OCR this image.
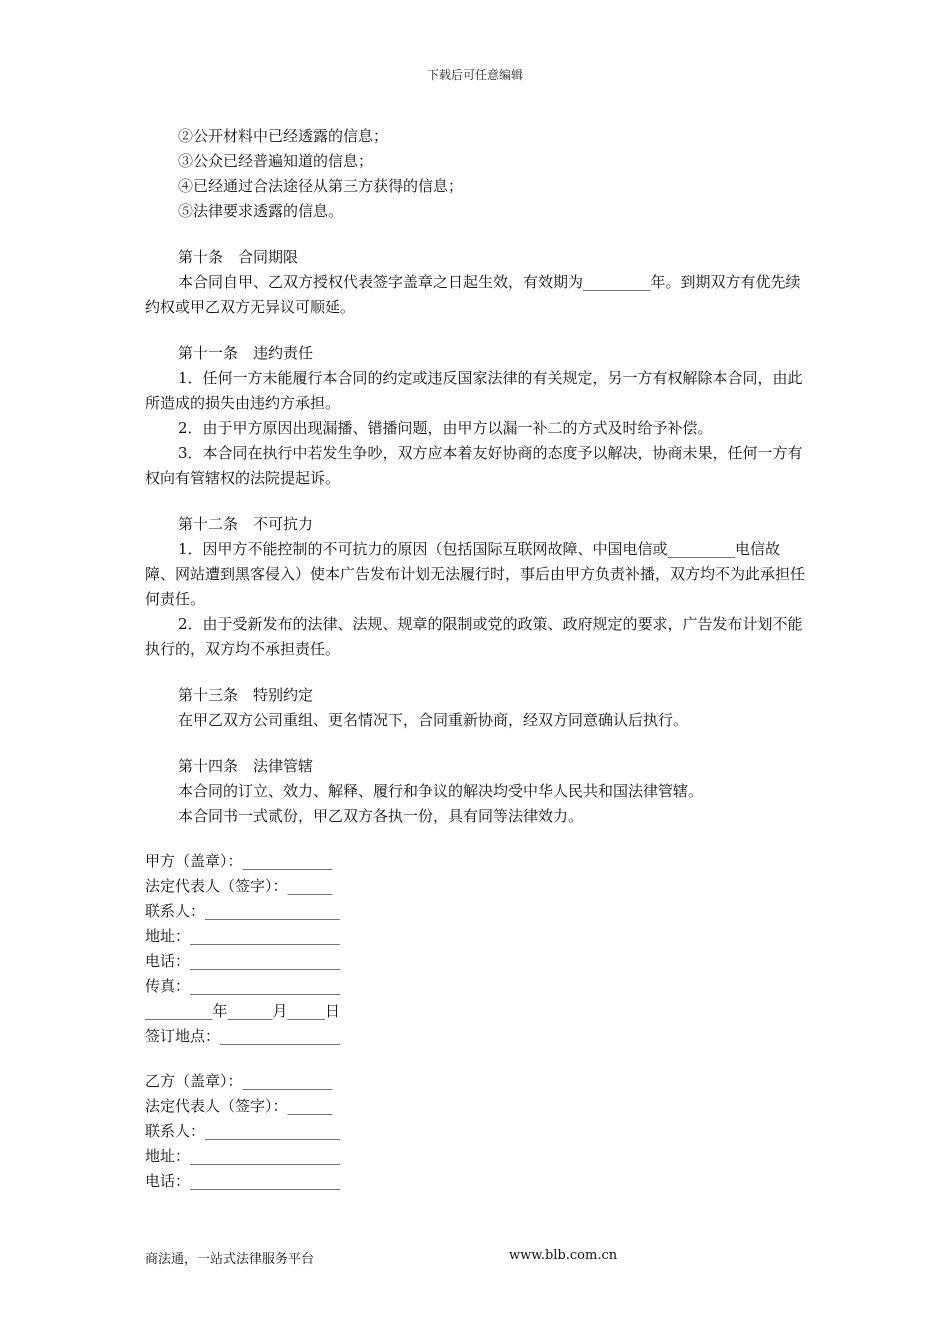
下载后可任意编辑

②公开材料中已经透露的信息；

③公众已经普遍知道的信息；

④已经通过合法途径从第三方获得的信息；

⑤法律要求透露的信息。

第十条　合同期限

本合同自甲、乙双方授权代表签字盖章之日起生效，有效期为_________年。到期双方有优先续约权或甲乙双方无异议可顺延。

第十一条　违约责任

1．任何一方未能履行本合同的约定或违反国家法律的有关规定，另一方有权解除本合同，由此所造成的损失由违约方承担。

2．由于甲方原因出现漏播、错播问题，由甲方以漏一补二的方式及时给予补偿。

3．本合同在执行中若发生争吵，双方应本着友好协商的态度予以解决，协商未果，任何一方有权向有管辖权的法院提起诉。

第十二条　不可抗力

1．因甲方不能控制的不可抗力的原因（包括国际互联网故障、中国电信或_________电信故障、网站遭到黑客侵入）使本广告发布计划无法履行时，事后由甲方负责补播，双方均不为此承担任何责任。

2．由于受新发布的法律、法规、规章的限制或党的政策、政府规定的要求，广告发布计划不能执行的，双方均不承担责任。

第十三条　特别约定

在甲乙双方公司重组、更名情况下，合同重新协商，经双方同意确认后执行。

第十四条　法律管辖

本合同的订立、效力、解释、履行和争议的解决均受中华人民共和国法律管辖。

本合同书一式贰份，甲乙双方各执一份，具有同等法律效力。

甲方（盖章）：____________

法定代表人（签字）：______

联系人：__________________

地址：____________________

电话：____________________

传真：____________________

_________年______月_____日

签订地点：________________

乙方（盖章）：____________

法定代表人（签字）：______

联系人：__________________

地址：____________________

电话：____________________

商法通，一站式法律服务平台	www.blb.com.cn
